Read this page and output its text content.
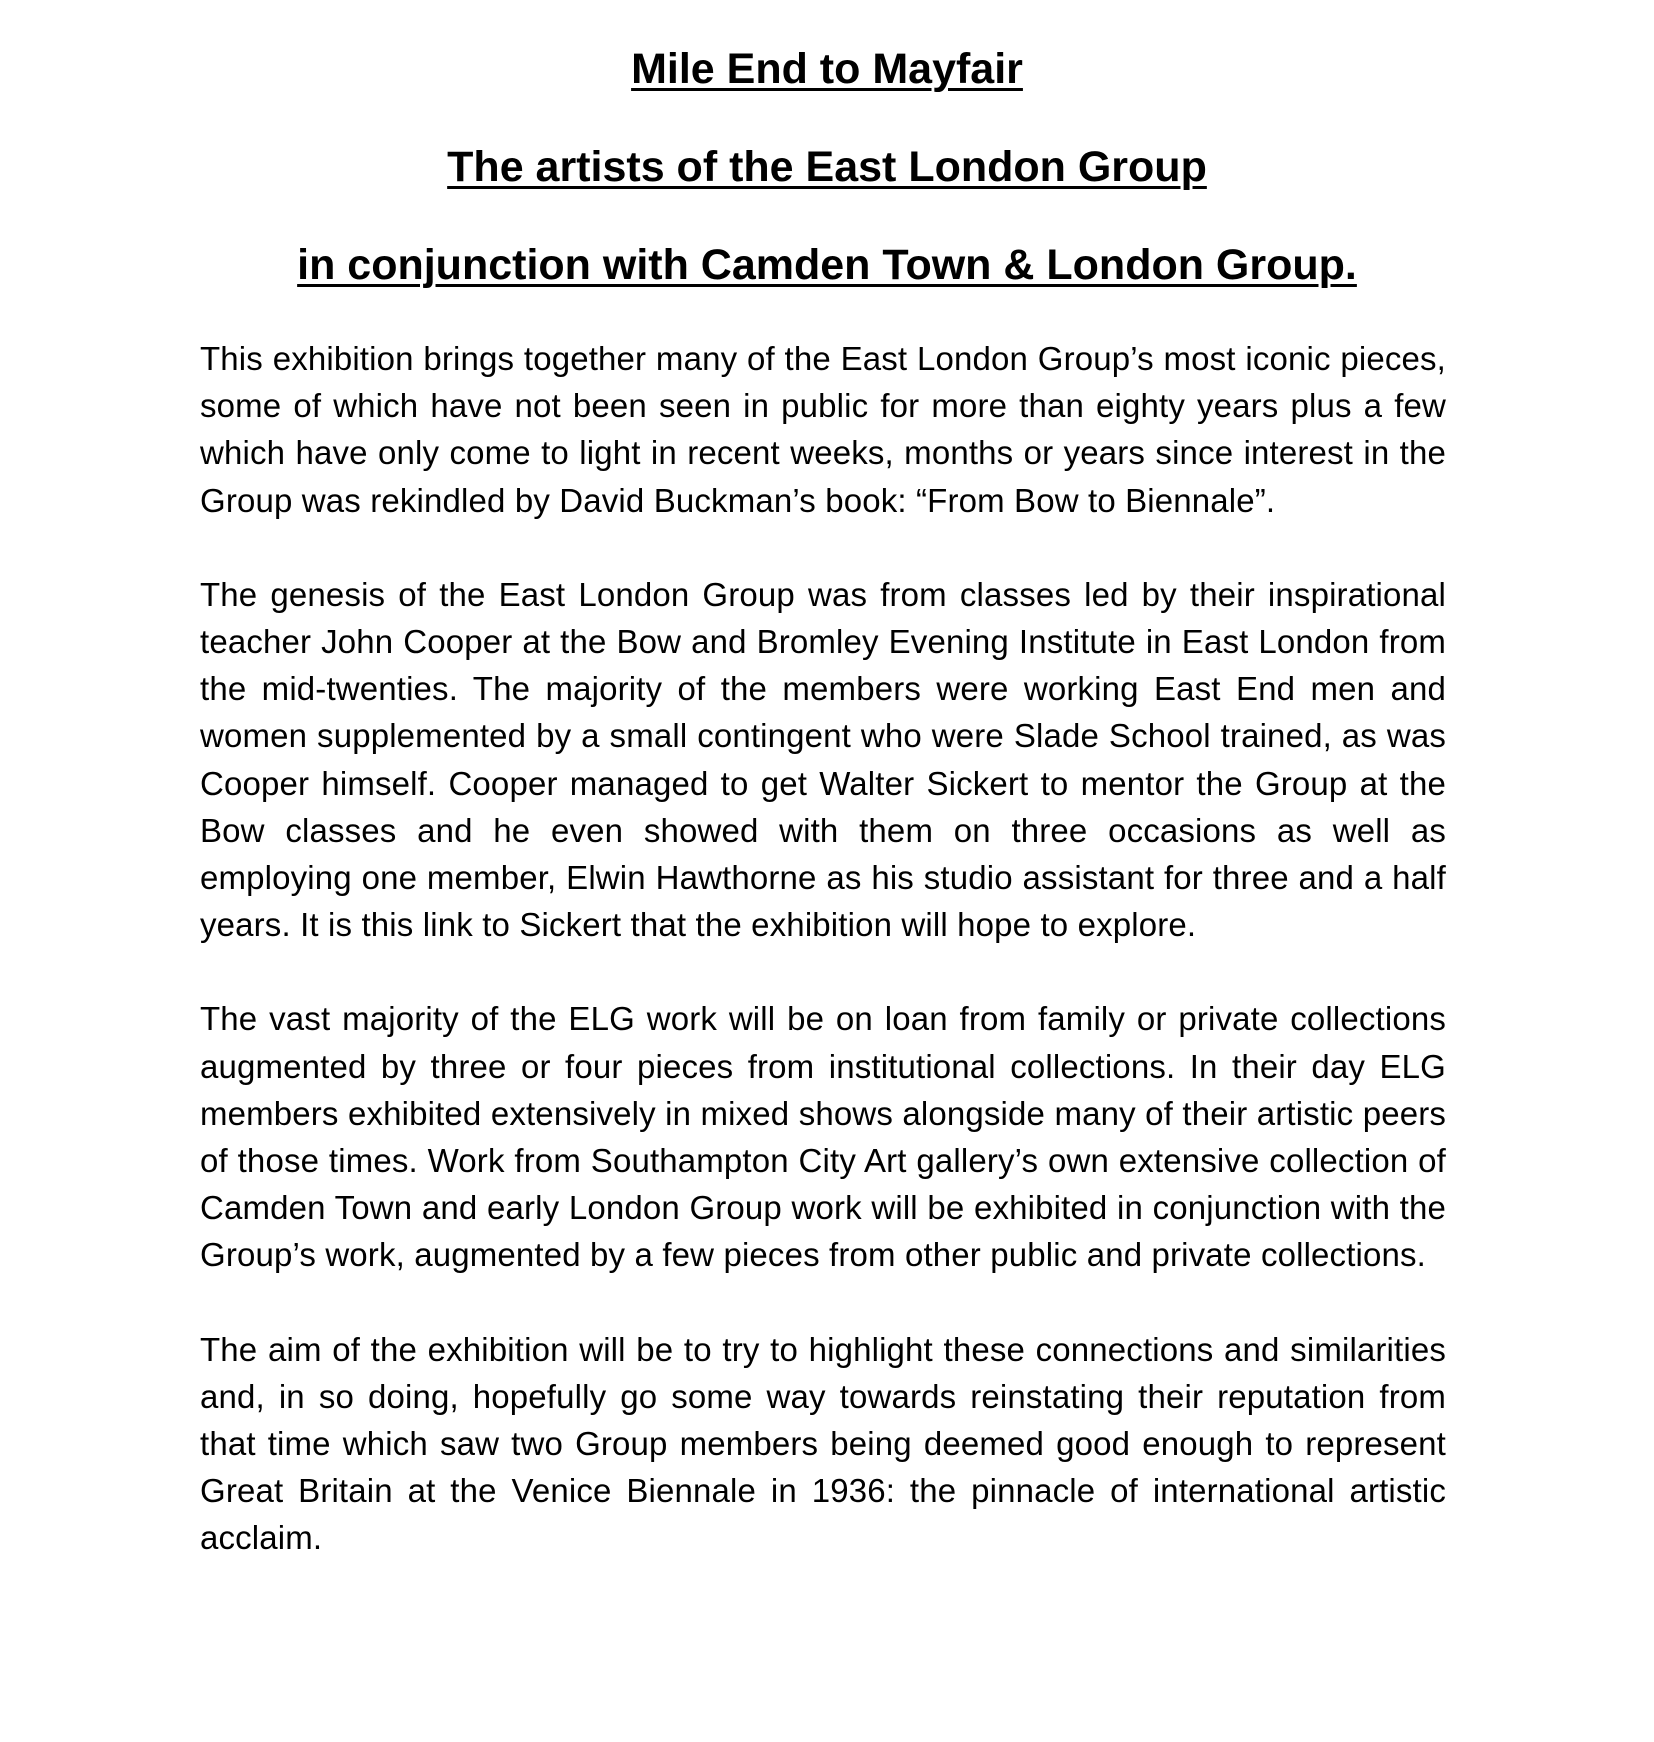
Mile End to Mayfair
The artists of the East London Group
in conjunction with Camden Town & London Group.

This exhibition brings together many of the East London Group’s most iconic pieces, some of which have not been seen in public for more than eighty years plus a few which have only come to light in recent weeks, months or years since interest in the Group was rekindled by David Buckman’s book: “From Bow to Biennale”.

The genesis of the East London Group was from classes led by their inspirational teacher John Cooper at the Bow and Bromley Evening Institute in East London from the mid-twenties. The majority of the members were working East End men and women supplemented by a small contingent who were Slade School trained, as was Cooper himself. Cooper managed to get Walter Sickert to mentor the Group at the Bow classes and he even showed with them on three occasions as well as employing one member, Elwin Hawthorne as his studio assistant for three and a half years. It is this link to Sickert that the exhibition will hope to explore.

The vast majority of the ELG work will be on loan from family or private collections augmented by three or four pieces from institutional collections. In their day ELG members exhibited extensively in mixed shows alongside many of their artistic peers of those times. Work from Southampton City Art gallery’s own extensive collection of Camden Town and early London Group work will be exhibited in conjunction with the Group’s work, augmented by a few pieces from other public and private collections.

The aim of the exhibition will be to try to highlight these connections and similarities and, in so doing, hopefully go some way towards reinstating their reputation from that time which saw two Group members being deemed good enough to represent Great Britain at the Venice Biennale in 1936: the pinnacle of international artistic acclaim.
